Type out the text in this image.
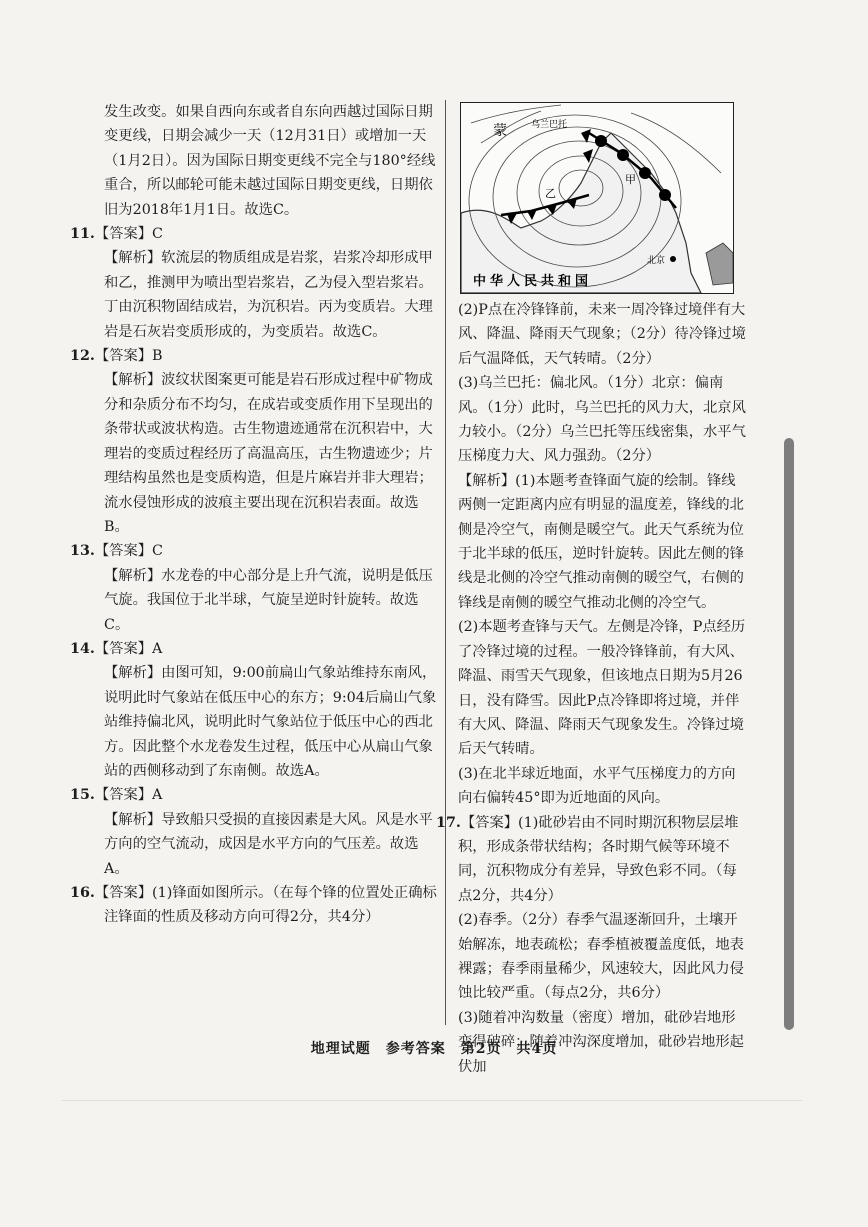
发生改变。如果自西向东或者自东向西越过国际日期变更线，日期会减少一天（12月31日）或增加一天（1月2日）。因为国际日期变更线不完全与180°经线重合，所以邮轮可能未越过国际日期变更线，日期依旧为2018年1月1日。故选C。

11.【答案】C

【解析】软流层的物质组成是岩浆，岩浆冷却形成甲和乙，推测甲为喷出型岩浆岩，乙为侵入型岩浆岩。丁由沉积物固结成岩，为沉积岩。丙为变质岩。大理岩是石灰岩变质形成的，为变质岩。故选C。

12.【答案】B

【解析】波纹状图案更可能是岩石形成过程中矿物成分和杂质分布不均匀，在成岩或变质作用下呈现出的条带状或波状构造。古生物遗迹通常在沉积岩中，大理岩的变质过程经历了高温高压，古生物遗迹少；片理结构虽然也是变质构造，但是片麻岩并非大理岩；流水侵蚀形成的波痕主要出现在沉积岩表面。故选B。

13.【答案】C

【解析】水龙卷的中心部分是上升气流，说明是低压气旋。我国位于北半球，气旋呈逆时针旋转。故选C。

14.【答案】A

【解析】由图可知，9:00前扁山气象站维持东南风，说明此时气象站在低压中心的东方；9:04后扁山气象站维持偏北风，说明此时气象站位于低压中心的西北方。因此整个水龙卷发生过程，低压中心从扁山气象站的西侧移动到了东南侧。故选A。

15.【答案】A

【解析】导致船只受损的直接因素是大风。风是水平方向的空气流动，成因是水平方向的气压差。故选A。

16.【答案】(1)锋面如图所示。（在每个锋的位置处正确标注锋面的性质及移动方向可得2分，共4分）

蒙	乌兰巴托
甲
乙
北京
中华人民共和国

(2)P点在冷锋锋前，未来一周冷锋过境伴有大风、降温、降雨天气现象；（2分）待冷锋过境后气温降低，天气转晴。（2分）

(3)乌兰巴托：偏北风。（1分）北京：偏南风。（1分）此时，乌兰巴托的风力大，北京风力较小。（2分）乌兰巴托等压线密集，水平气压梯度力大、风力强劲。（2分）

【解析】(1)本题考查锋面气旋的绘制。锋线两侧一定距离内应有明显的温度差，锋线的北侧是冷空气，南侧是暖空气。此天气系统为位于北半球的低压，逆时针旋转。因此左侧的锋线是北侧的冷空气推动南侧的暖空气，右侧的锋线是南侧的暖空气推动北侧的冷空气。

(2)本题考查锋与天气。左侧是冷锋，P点经历了冷锋过境的过程。一般冷锋锋前，有大风、降温、雨雪天气现象，但该地点日期为5月26日，没有降雪。因此P点冷锋即将过境，并伴有大风、降温、降雨天气现象发生。冷锋过境后天气转晴。

(3)在北半球近地面，水平气压梯度力的方向向右偏转45°即为近地面的风向。

17.【答案】(1)砒砂岩由不同时期沉积物层层堆积，形成条带状结构；各时期气候等环境不同，沉积物成分有差异，导致色彩不同。（每点2分，共4分）

(2)春季。（2分）春季气温逐渐回升，土壤开始解冻，地表疏松；春季植被覆盖度低，地表裸露；春季雨量稀少，风速较大，因此风力侵蚀比较严重。（每点2分，共6分）

(3)随着冲沟数量（密度）增加，砒砂岩地形变得破碎；随着冲沟深度增加，砒砂岩地形起伏加

地理试题　参考答案　第2页　共4页
